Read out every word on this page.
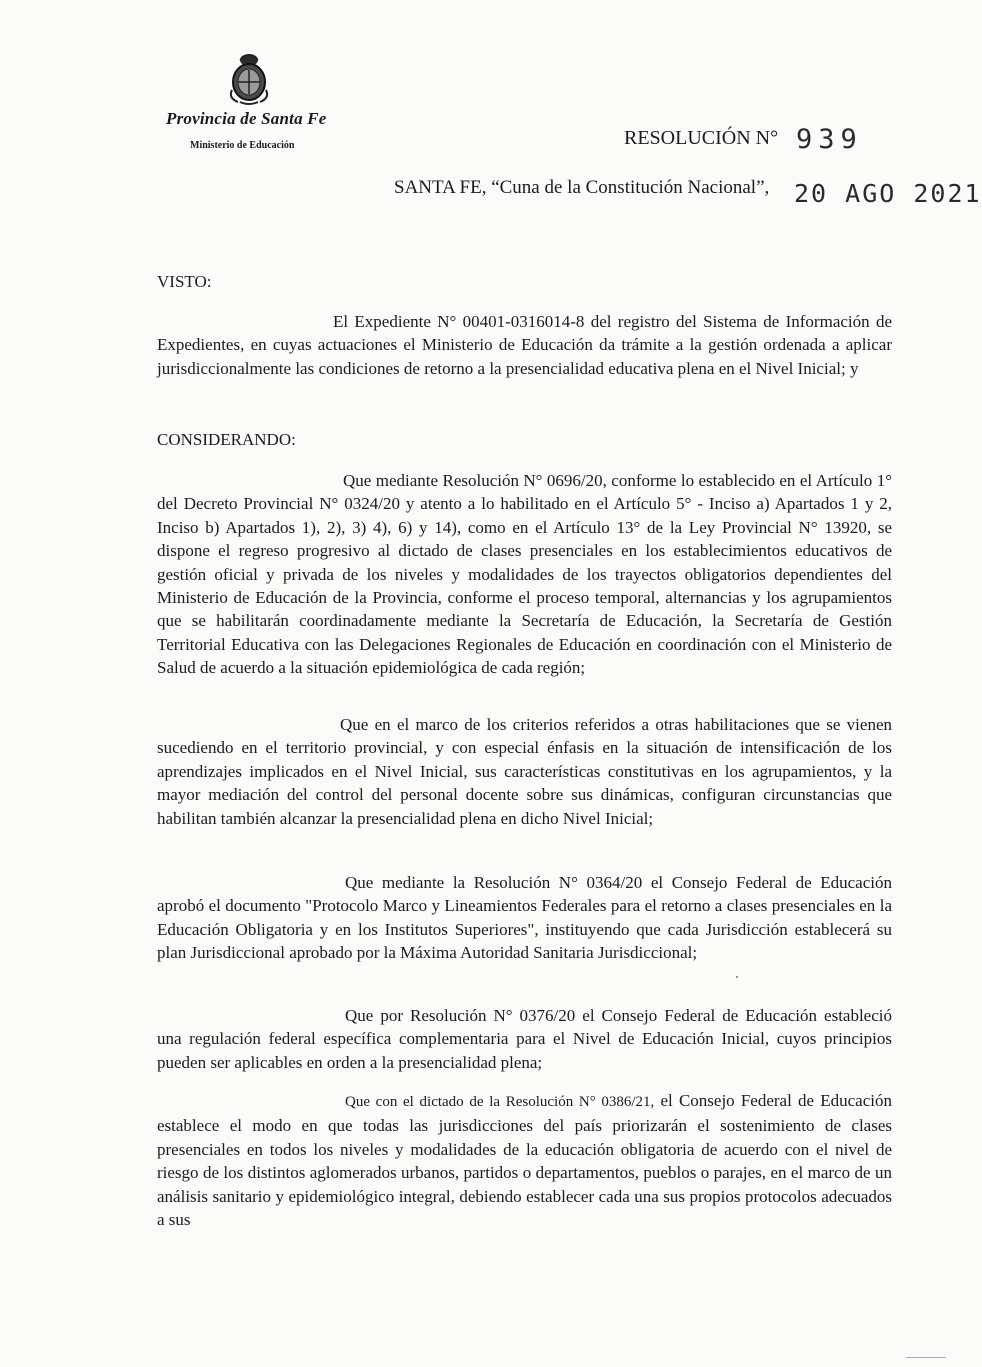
Provincia de Santa Fe
Ministerio de Educación	RESOLUCIÓN N° 939
SANTA FE, “Cuna de la Constitución Nacional”, 20 AGO 2021
VISTO:

El Expediente N° 00401-0316014-8 del registro del Sistema de Información de Expedientes, en cuyas actuaciones el Ministerio de Educación da trámite a la gestión ordenada a aplicar jurisdiccionalmente las condiciones de retorno a la presencialidad educativa plena en el Nivel Inicial; y

CONSIDERANDO:

Que mediante Resolución N° 0696/20, conforme lo establecido en el Artículo 1° del Decreto Provincial N° 0324/20 y atento a lo habilitado en el Artículo 5° - Inciso a) Apartados 1 y 2, Inciso b) Apartados 1), 2), 3) 4), 6) y 14), como en el Artículo 13° de la Ley Provincial N° 13920, se dispone el regreso progresivo al dictado de clases presenciales en los establecimientos educativos de gestión oficial y privada de los niveles y modalidades de los trayectos obligatorios dependientes del Ministerio de Educación de la Provincia, conforme el proceso temporal, alternancias y los agrupamientos que se habilitarán coordinadamente mediante la Secretaría de Educación, la Secretaría de Gestión Territorial Educativa con las Delegaciones Regionales de Educación en coordinación con el Ministerio de Salud de acuerdo a la situación epidemiológica de cada región;

Que en el marco de los criterios referidos a otras habilitaciones que se vienen sucediendo en el territorio provincial, y con especial énfasis en la situación de intensificación de los aprendizajes implicados en el Nivel Inicial, sus características constitutivas en los agrupamientos, y la mayor mediación del control del personal docente sobre sus dinámicas, configuran circunstancias que habilitan también alcanzar la presencialidad plena en dicho Nivel Inicial;

Que mediante la Resolución N° 0364/20 el Consejo Federal de Educación aprobó el documento "Protocolo Marco y Lineamientos Federales para el retorno a clases presenciales en la Educación Obligatoria y en los Institutos Superiores", instituyendo que cada Jurisdicción establecerá su plan Jurisdiccional aprobado por la Máxima Autoridad Sanitaria Jurisdiccional;

Que por Resolución N° 0376/20 el Consejo Federal de Educación estableció una regulación federal específica complementaria para el Nivel de Educación Inicial, cuyos principios pueden ser aplicables en orden a la presencialidad plena;

Que con el dictado de la Resolución N° 0386/21, el Consejo Federal de Educación establece el modo en que todas las jurisdicciones del país priorizarán el sostenimiento de clases presenciales en todos los niveles y modalidades de la educación obligatoria de acuerdo con el nivel de riesgo de los distintos aglomerados urbanos, partidos o departamentos, pueblos o parajes, en el marco de un análisis sanitario y epidemiológico integral, debiendo establecer cada una sus propios protocolos adecuados a sus
